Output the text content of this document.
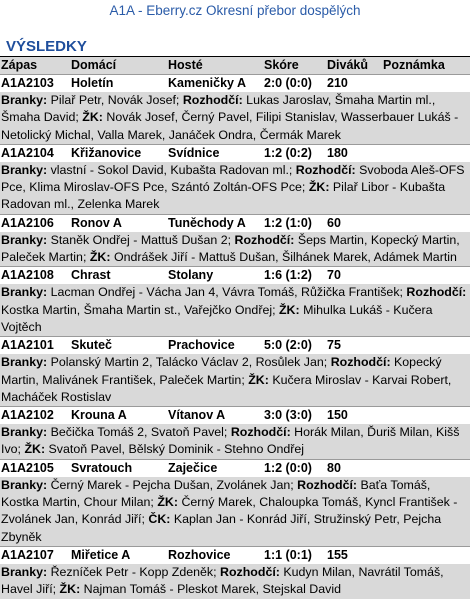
A1A - Eberry.cz Okresní přebor dospělých
VÝSLEDKY
Zápas	Domácí	Hosté	Skóre	Diváků	Poznámka
A1A2103	Holetín	Kameničky A	2:0 (0:0)	210
Branky: Pilař Petr, Novák Josef; Rozhodčí: Lukas Jaroslav, Šmaha Martin ml., Šmaha David; ŽK: Novák Josef, Černý Pavel, Filipi Stanislav, Wasserbauer Lukáš - Netolický Michal, Valla Marek, Janáček Ondra, Čermák Marek
A1A2104	Křižanovice	Svídnice	1:2 (0:2)	180
Branky: vlastní - Sokol David, Kubašta Radovan ml.; Rozhodčí: Svoboda Aleš-OFS Pce, Klima Miroslav-OFS Pce, Szántó Zoltán-OFS Pce; ŽK: Pilař Libor - Kubašta Radovan ml., Zelenka Marek
A1A2106	Ronov A	Tuněchody A	1:2 (1:0)	60
Branky: Staněk Ondřej - Mattuš Dušan 2; Rozhodčí: Šeps Martin, Kopecký Martin, Paleček Martin; ŽK: Ondrášek Jiří - Mattuš Dušan, Šilhánek Marek, Adámek Martin
A1A2108	Chrast	Stolany	1:6 (1:2)	70
Branky: Lacman Ondřej - Vácha Jan 4, Vávra Tomáš, Růžička František; Rozhodčí: Kostka Martin, Šmaha Martin st., Vařejčko Ondřej; ŽK: Mihulka Lukáš - Kučera Vojtěch
A1A2101	Skuteč	Prachovice	5:0 (2:0)	75
Branky: Polanský Martin 2, Talácko Václav 2, Rosůlek Jan; Rozhodčí: Kopecký Martin, Malivánek František, Paleček Martin; ŽK: Kučera Miroslav - Karvai Robert, Macháček Rostislav
A1A2102	Krouna A	Vítanov A	3:0 (3:0)	150
Branky: Bečička Tomáš 2, Svatoň Pavel; Rozhodčí: Horák Milan, Ďuriš Milan, Kišš Ivo; ŽK: Svatoň Pavel, Bělský Dominik - Stehno Ondřej
A1A2105	Svratouch	Zaječice	1:2 (0:0)	80
Branky: Černý Marek - Pejcha Dušan, Zvolánek Jan; Rozhodčí: Baťa Tomáš, Kostka Martin, Chour Milan; ŽK: Černý Marek, Chaloupka Tomáš, Kyncl František - Zvolánek Jan, Konrád Jiří; ČK: Kaplan Jan - Konrád Jiří, Stružinský Petr, Pejcha Zbyněk
A1A2107	Miřetice A	Rozhovice	1:1 (0:1)	155
Branky: Řezníček Petr - Kopp Zdeněk; Rozhodčí: Kudyn Milan, Navrátil Tomáš, Havel Jiří; ŽK: Najman Tomáš - Pleskot Marek, Stejskal David
